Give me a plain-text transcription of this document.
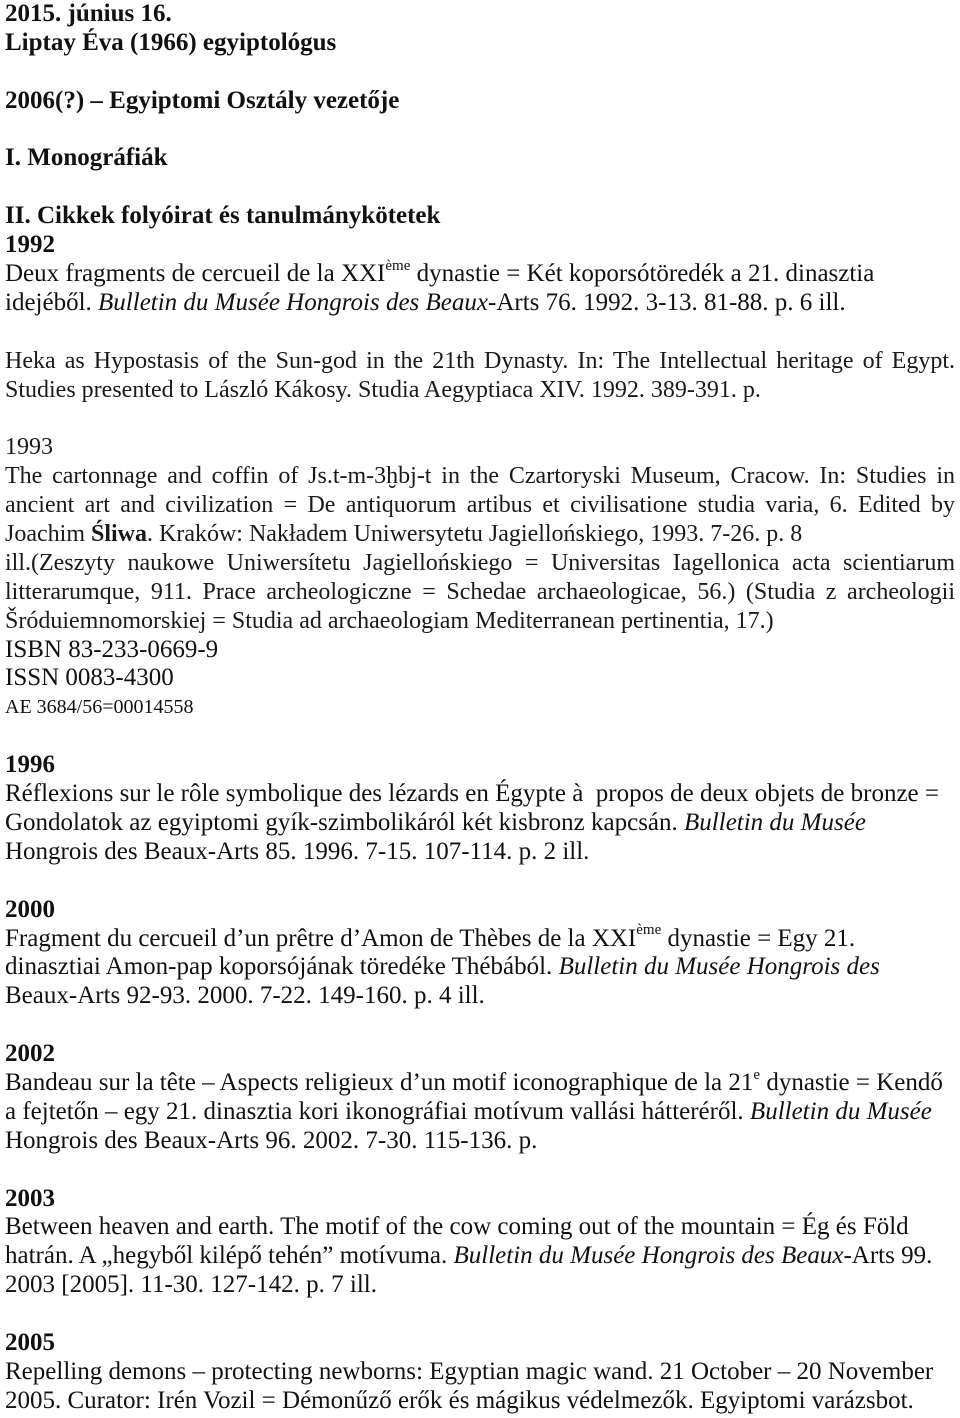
2015. június 16.
Liptay Éva (1966) egyiptológus
2006(?) – Egyiptomi Osztály vezetője
I. Monográfiák
II. Cikkek folyóirat és tanulmánykötetek
1992
Deux fragments de cercueil de la XXIème dynastie = Két koporsótöredék a 21. dinasztia
idejéből. Bulletin du Musée Hongrois des Beaux-Arts 76. 1992. 3-13. 81-88. p. 6 ill.
Heka as Hypostasis of the Sun-god in the 21th Dynasty. In: The Intellectual heritage of Egypt.
Studies presented to László Kákosy. Studia Aegyptiaca XIV. 1992. 389-391. p.
1993
The cartonnage and coffin of Js.t-m-3ḫbj-t in the Czartoryski Museum, Cracow. In: Studies in
ancient art and civilization = De antiquorum artibus et civilisatione studia varia, 6. Edited by
Joachim Śliwa. Kraków: Nakładem Uniwersytetu Jagiellońskiego, 1993. 7-26. p. 8
ill.(Zeszyty naukowe Uniwersítetu Jagiellońskiego = Universitas Iagellonica acta scientiarum
litterarumque, 911. Prace archeologiczne = Schedae archaeologicae, 56.) (Studia z archeologii
Šróduiemnomorskiej = Studia ad archaeologiam Mediterranean pertinentia, 17.)
ISBN 83-233-0669-9
ISSN 0083-4300
AE 3684/56=00014558
1996
Réflexions sur le rôle symbolique des lézards en Égypte à  propos de deux objets de bronze =
Gondolatok az egyiptomi gyík-szimbolikáról két kisbronz kapcsán. Bulletin du Musée
Hongrois des Beaux-Arts 85. 1996. 7-15. 107-114. p. 2 ill.
2000
Fragment du cercueil d’un prêtre d’Amon de Thèbes de la XXIème dynastie = Egy 21.
dinasztiai Amon-pap koporsójának töredéke Thébából. Bulletin du Musée Hongrois des
Beaux-Arts 92-93. 2000. 7-22. 149-160. p. 4 ill.
2002
Bandeau sur la tête – Aspects religieux d’un motif iconographique de la 21e dynastie = Kendő
a fejtetőn – egy 21. dinasztia kori ikonográfiai motívum vallási hátteréről. Bulletin du Musée
Hongrois des Beaux-Arts 96. 2002. 7-30. 115-136. p.
2003
Between heaven and earth. The motif of the cow coming out of the mountain = Ég és Föld
hatrán. A „hegyből kilépő tehén” motívuma. Bulletin du Musée Hongrois des Beaux-Arts 99.
2003 [2005]. 11-30. 127-142. p. 7 ill.
2005
Repelling demons – protecting newborns: Egyptian magic wand. 21 October – 20 November
2005. Curator: Irén Vozil = Démonűző erők és mágikus védelmezők. Egyiptomi varázsbot.
